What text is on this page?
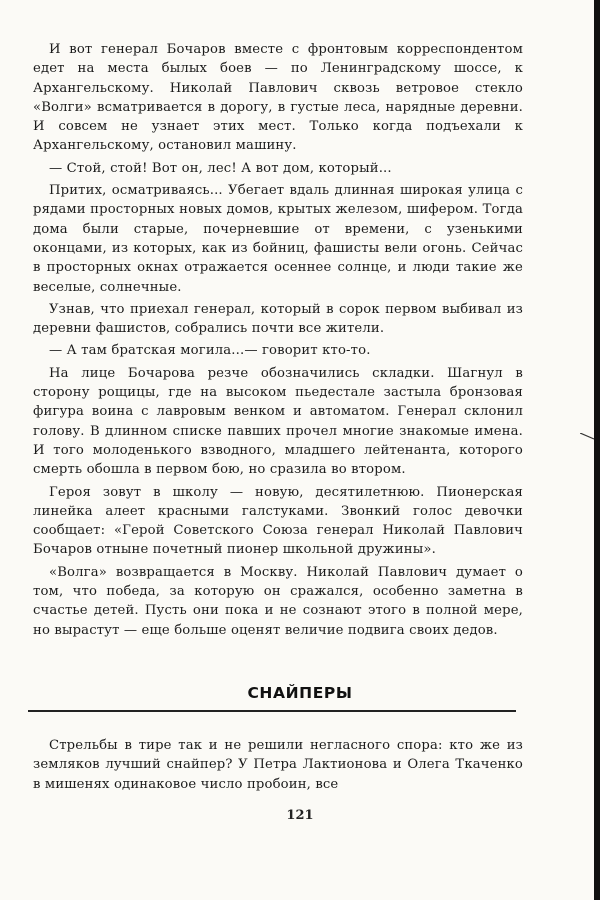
И вот генерал Бочаров вместе с фронтовым корреспондентом едет на места былых боев — по Ленинградскому шоссе, к Архангельскому. Николай Павлович сквозь ветровое стекло «Волги» всматривается в дорогу, в густые леса, нарядные деревни. И совсем не узнает этих мест. Только когда подъехали к Архангельскому, остановил машину.

— Стой, стой! Вот он, лес! А вот дом, который...

Притих, осматриваясь... Убегает вдаль длинная широкая улица с рядами просторных новых домов, крытых железом, шифером. Тогда дома были старые, почерневшие от времени, с узенькими оконцами, из которых, как из бойниц, фашисты вели огонь. Сейчас в просторных окнах отражается осеннее солнце, и люди такие же веселые, солнечные.

Узнав, что приехал генерал, который в сорок первом выбивал из деревни фашистов, собрались почти все жители.

— А там братская могила...— говорит кто-то.

На лице Бочарова резче обозначились складки. Шагнул в сторону рощицы, где на высоком пьедестале застыла бронзовая фигура воина с лавровым венком и автоматом. Генерал склонил голову. В длинном списке павших прочел многие знакомые имена. И того молоденького взводного, младшего лейтенанта, которого смерть обошла в первом бою, но сразила во втором.

Героя зовут в школу — новую, десятилетнюю. Пионерская линейка алеет красными галстуками. Звонкий голос девочки сообщает: «Герой Советского Союза генерал Николай Павлович Бочаров отныне почетный пионер школьной дружины».

«Волга» возвращается в Москву. Николай Павлович думает о том, что победа, за которую он сражался, особенно заметна в счастье детей. Пусть они пока и не сознают этого в полной мере, но вырастут — еще больше оценят величие подвига своих дедов.

СНАЙПЕРЫ

Стрельбы в тире так и не решили негласного спора: кто же из земляков лучший снайпер? У Петра Лактионова и Олега Ткаченко в мишенях одинаковое число пробоин, все

121
